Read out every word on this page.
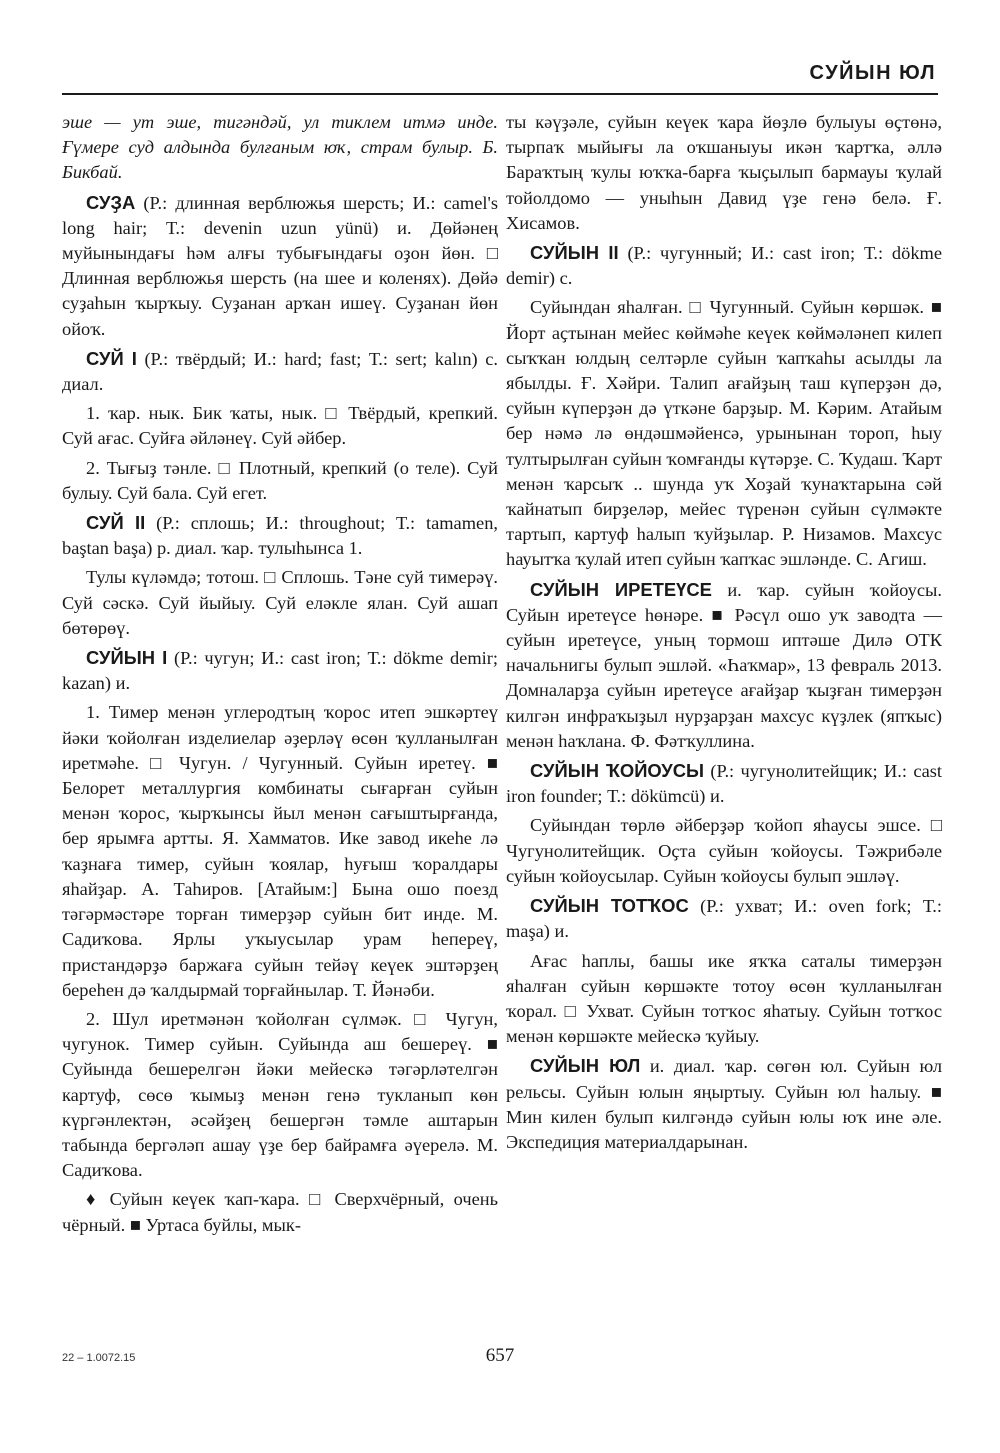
СУЙЫН ЮЛ

эше — ут эше, тигәндәй, ул тиклем итмә инде. Ғүмере суд алдында булғаным юҡ, страм булыр. Б. Бикбай.

СУҘА (Р.: длинная верблюжья шерсть; И.: camel's long hair; Т.: devenin uzun yünü) и. Дөйәнең муйынындағы һәм алғы тубығындағы оҙон йөн. □ Длинная верблюжья шерсть (на шее и коленях). Дөйә суҙаһын ҡырҡыу. Суҙанан арҡан ишеү. Суҙанан йөн ойоҡ.

СУЙ I (Р.: твёрдый; И.: hard; fast; Т.: sert; kalın) с. диал.

1. ҡар. нык. Бик ҡаты, нык. □ Твёрдый, крепкий. Суй ағас. Суйға әйләнеү. Суй әйбер.

2. Тығыҙ тәнле. □ Плотный, крепкий (о теле). Суй булыу. Суй бала. Суй егет.

СУЙ II (Р.: сплошь; И.: throughout; Т.: tamamen, baştan başa) р. диал. ҡар. тулыһынса 1.

Тулы күләмдә; тотош. □ Сплошь. Тәне суй тимерәү. Суй сәскә. Суй йыйыу. Суй еләкле ялан. Суй ашап бөтөрөү.

СУЙЫН I (Р.: чугун; И.: cast iron; Т.: dökme demir; kazan) и.

1. Тимер менән углеродтың ҡорос итеп эшкәртеү йәки ҡойолған изделиелар әҙерләү өсөн ҡулланылған иретмәһе. □ Чугун. / Чугунный. Суйын иретеү. ■ Белорет металлургия комбинаты сығарған суйын менән ҡорос, ҡырҡынсы йыл менән сағыштырғанда, бер ярымға артты. Я. Хамматов. Ике завод икеһе лә ҡаҙнаға тимер, суйын ҡоялар, һуғыш ҡоралдары яһайҙар. А. Таһиров. [Атайым:] Бына ошо поезд тәгәрмәстәре торған тимерҙәр суйын бит инде. М. Садиҡова. Ярлы уҡыусылар урам һепереү, пристандәрҙә баржаға суйын тейәү кеүек эштәрҙең береһен дә ҡалдырмай торғайнылар. Т. Йәнәби.

2. Шул иретмәнән ҡойолған сүлмәк. □ Чугун, чугунок. Тимер суйын. Суйында аш бешереү. ■ Суйында бешерелгән йәки мейескә тәгәрләтелгән картуф, сөсө ҡымыҙ менән генә тукланып көн күргәнлектән, әсәйҙең бешергән тәмле аштарын табында бергәләп ашау үҙе бер байрамға әүерелә. М. Садиҡова.

♦ Суйын кеүек ҡап-ҡара. □ Сверхчёрный, очень чёрный. ■ Уртаса буйлы, мык-

ты кәүҙәле, суйын кеүек ҡара йөҙлө булыуы өҫтөнә, тырпаҡ мыйығы ла оҡшаныуы икән ҡартҡа, әллә Бараҡтың ҡулы юҡҡа-барға ҡыҫылып бармауы ҡулай тойолдомо — уныһын Давид үҙе генә белә. Ғ. Хисамов.

СУЙЫН II (Р.: чугунный; И.: cast iron; Т.: dökme demir) с.

Суйындан яһалған. □ Чугунный. Суйын көршәк. ■ Йорт аҫтынан мейес көймәһе кеүек көймәләнеп килеп сыҡҡан юлдың селтәрле суйын ҡапҡаһы асылды ла ябылды. Ғ. Хәйри. Талип ағайҙың таш күперҙән дә, суйын күперҙән дә үткәне барҙыр. М. Кәрим. Атайым бер нәмә лә өндәшмәйенсә, урынынан тороп, һыу тултырылған суйын ҡомғанды күтәрҙе. С. Ҡудаш. Ҡарт менән ҡарсыҡ .. шунда уҡ Хоҙай ҡунаҡтарына сәй ҡайнатып бирҙеләр, мейес түренән суйын сүлмәкте тартып, картуф һалып ҡуйҙылар. Р. Низамов. Махсус һауытҡа ҡулай итеп суйын ҡапҡас эшләнде. С. Агиш.

СУЙЫН ИРЕТЕҮСЕ и. ҡар. суйын ҡойоусы. Суйын иретеүсе һөнәре. ■ Рәсүл ошо уҡ заводта — суйын иретеүсе, уның тормош иптәше Дилә ОТК начальнигы булып эшләй. «Һаҡмар», 13 февраль 2013. Домналарҙа суйын иретеүсе ағайҙар ҡыҙған тимерҙән килгән инфраҡыҙыл нурҙарҙан махсус күҙлек (япҡыс) менән һаҡлана. Ф. Фәтҡуллина.

СУЙЫН ҠОЙОУСЫ (Р.: чугунолитейщик; И.: cast iron founder; Т.: dökümcü) и.

Суйындан төрлө әйберҙәр ҡойоп яһаусы эшсе. □ Чугунолитейщик. Оҫта суйын ҡойоусы. Тәжрибәле суйын ҡойоусылар. Суйын ҡойоусы булып эшләү.

СУЙЫН ТОТҠОС (Р.: ухват; И.: oven fork; Т.: maşa) и.

Ағас һаплы, башы ике яҡҡа саталы тимерҙән яһалған суйын көршәкте тотоу өсөн ҡулланылған ҡорал. □ Ухват. Суйын тотҡос яһатыу. Суйын тотҡос менән көршәкте мейескә ҡуйыу.

СУЙЫН ЮЛ и. диал. ҡар. сөгөн юл. Суйын юл рельсы. Суйын юлын яңыртыу. Суйын юл һалыу. ■ Мин килен булып килгәндә суйын юлы юҡ ине әле. Экспедиция материалдарынан.

22 – 1.0072.15	657
